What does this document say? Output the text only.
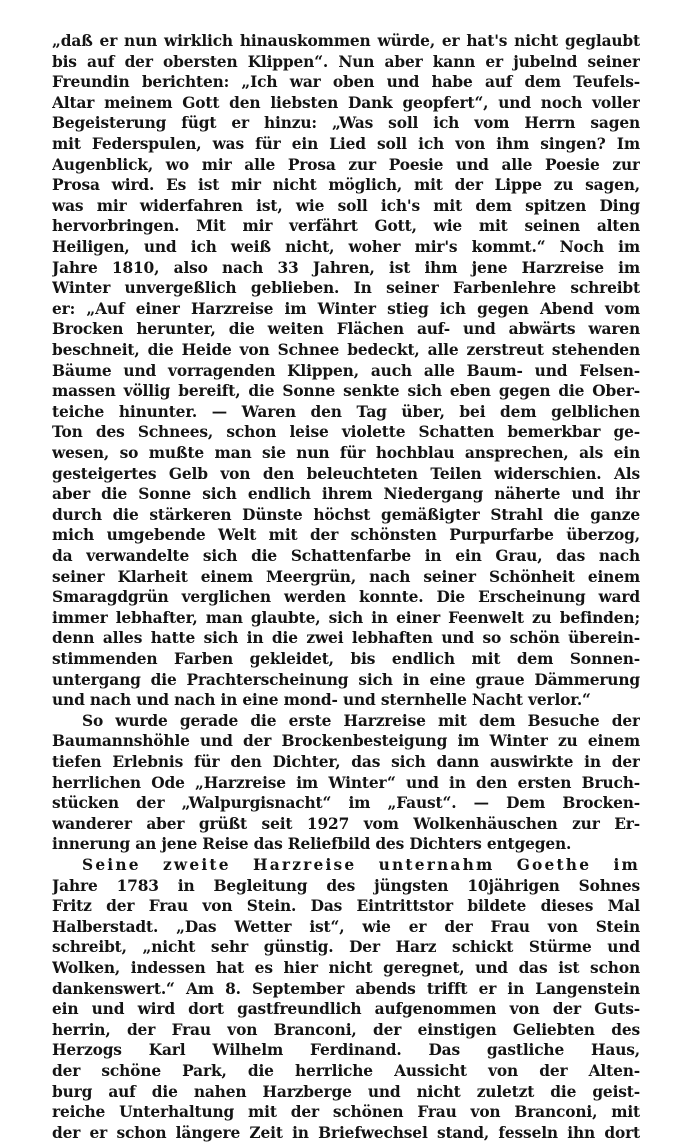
„daß er nun wirklich hinauskommen würde, er hat's nicht geglaubt
bis auf der obersten Klippen“. Nun aber kann er jubelnd seiner
Freundin berichten: „Ich war oben und habe auf dem Teufels-
Altar meinem Gott den liebsten Dank geopfert“, und noch voller
Begeisterung fügt er hinzu: „Was soll ich vom Herrn sagen
mit Federspulen, was für ein Lied soll ich von ihm singen? Im
Augenblick, wo mir alle Prosa zur Poesie und alle Poesie zur
Prosa wird. Es ist mir nicht möglich, mit der Lippe zu sagen,
was mir widerfahren ist, wie soll ich's mit dem spitzen Ding
hervorbringen. Mit mir verfährt Gott, wie mit seinen alten
Heiligen, und ich weiß nicht, woher mir's kommt.“ Noch im
Jahre 1810, also nach 33 Jahren, ist ihm jene Harzreise im
Winter unvergeßlich geblieben. In seiner Farbenlehre schreibt
er: „Auf einer Harzreise im Winter stieg ich gegen Abend vom
Brocken herunter, die weiten Flächen auf- und abwärts waren
beschneit, die Heide von Schnee bedeckt, alle zerstreut stehenden
Bäume und vorragenden Klippen, auch alle Baum- und Felsen-
massen völlig bereift, die Sonne senkte sich eben gegen die Ober-
teiche hinunter. — Waren den Tag über, bei dem gelblichen
Ton des Schnees, schon leise violette Schatten bemerkbar ge-
wesen, so mußte man sie nun für hochblau ansprechen, als ein
gesteigertes Gelb von den beleuchteten Teilen widerschien. Als
aber die Sonne sich endlich ihrem Niedergang näherte und ihr
durch die stärkeren Dünste höchst gemäßigter Strahl die ganze
mich umgebende Welt mit der schönsten Purpurfarbe überzog,
da verwandelte sich die Schattenfarbe in ein Grau, das nach
seiner Klarheit einem Meergrün, nach seiner Schönheit einem
Smaragdgrün verglichen werden konnte. Die Erscheinung ward
immer lebhafter, man glaubte, sich in einer Feenwelt zu befinden;
denn alles hatte sich in die zwei lebhaften und so schön überein-
stimmenden Farben gekleidet, bis endlich mit dem Sonnen-
untergang die Prachterscheinung sich in eine graue Dämmerung
und nach und nach in eine mond- und sternhelle Nacht verlor.“
So wurde gerade die erste Harzreise mit dem Besuche der
Baumannshöhle und der Brockenbesteigung im Winter zu einem
tiefen Erlebnis für den Dichter, das sich dann auswirkte in der
herrlichen Ode „Harzreise im Winter“ und in den ersten Bruch-
stücken der „Walpurgisnacht“ im „Faust“. — Dem Brocken-
wanderer aber grüßt seit 1927 vom Wolkenhäuschen zur Er-
innerung an jene Reise das Reliefbild des Dichters entgegen.
Seine zweite Harzreise unternahm Goethe im
Jahre 1783 in Begleitung des jüngsten 10jährigen Sohnes
Fritz der Frau von Stein. Das Eintrittstor bildete dieses Mal
Halberstadt. „Das Wetter ist“, wie er der Frau von Stein
schreibt, „nicht sehr günstig. Der Harz schickt Stürme und
Wolken, indessen hat es hier nicht geregnet, und das ist schon
dankenswert.“ Am 8. September abends trifft er in Langenstein
ein und wird dort gastfreundlich aufgenommen von der Guts-
herrin, der Frau von Branconi, der einstigen Geliebten des
Herzogs Karl Wilhelm Ferdinand. Das gastliche Haus,
der schöne Park, die herrliche Aussicht von der Alten-
burg auf die nahen Harzberge und nicht zuletzt die geist-
reiche Unterhaltung mit der schönen Frau von Branconi, mit
der er schon längere Zeit in Briefwechsel stand, fesseln ihn dort
